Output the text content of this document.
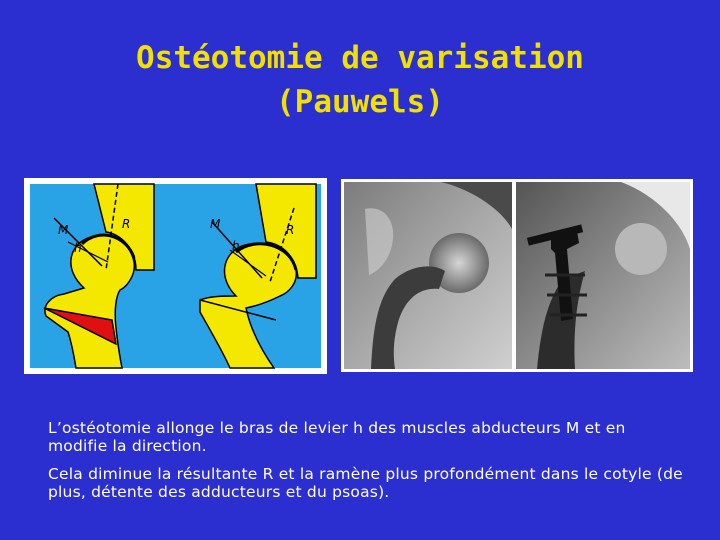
Ostéotomie de varisation
(Pauwels)
M
h
R	M
h
R

L’ostéotomie allonge le bras de levier h des muscles abducteurs M et en modifie la direction.

Cela diminue la résultante R et la ramène plus profondément dans le cotyle (de plus, détente des adducteurs et du psoas).
